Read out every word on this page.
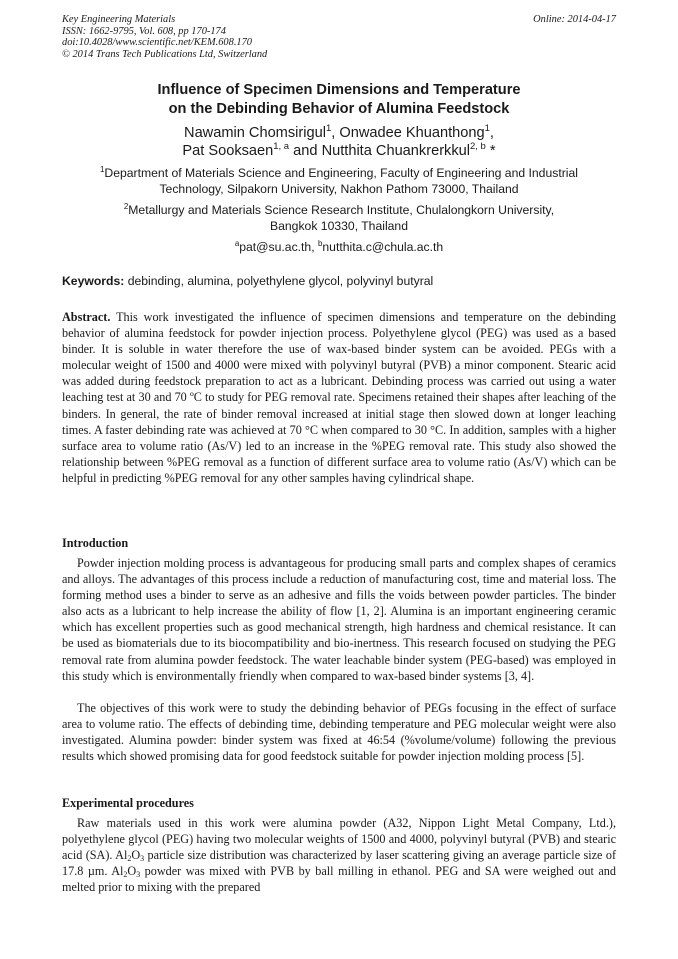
Key Engineering Materials
ISSN: 1662-9795, Vol. 608, pp 170-174
doi:10.4028/www.scientific.net/KEM.608.170
© 2014 Trans Tech Publications Ltd, Switzerland
Online: 2014-04-17
Influence of Specimen Dimensions and Temperature
on the Debinding Behavior of Alumina Feedstock
Nawamin Chomsirigul$^1$, Onwadee Khuanthong$^1$,
Pat Sooksaen$^{1, a}$ and Nutthita Chuankrerkkul$^{2, b}$ *
$^1$Department of Materials Science and Engineering, Faculty of Engineering and Industrial
Technology, Silpakorn University, Nakhon Pathom 73000, Thailand
$^2$Metallurgy and Materials Science Research Institute, Chulalongkorn University,
Bangkok 10330, Thailand
$^a$pat@su.ac.th, $^b$nutthita.c@chula.ac.th
Keywords: debinding, alumina, polyethylene glycol, polyvinyl butyral
Abstract. This work investigated the influence of specimen dimensions and temperature on the debinding behavior of alumina feedstock for powder injection process. Polyethylene glycol (PEG) was used as a based binder. It is soluble in water therefore the use of wax-based binder system can be avoided. PEGs with a molecular weight of 1500 and 4000 were mixed with polyvinyl butyral (PVB) a minor component. Stearic acid was added during feedstock preparation to act as a lubricant. Debinding process was carried out using a water leaching test at 30 and 70 ºC to study for PEG removal rate. Specimens retained their shapes after leaching of the binders. In general, the rate of binder removal increased at initial stage then slowed down at longer leaching times. A faster debinding rate was achieved at 70 °C when compared to 30 °C. In addition, samples with a higher surface area to volume ratio (As/V) led to an increase in the %PEG removal rate. This study also showed the relationship between %PEG removal as a function of different surface area to volume ratio (As/V) which can be helpful in predicting %PEG removal for any other samples having cylindrical shape.
Introduction
Powder injection molding process is advantageous for producing small parts and complex shapes of ceramics and alloys. The advantages of this process include a reduction of manufacturing cost, time and material loss. The forming method uses a binder to serve as an adhesive and fills the voids between powder particles. The binder also acts as a lubricant to help increase the ability of flow [1, 2]. Alumina is an important engineering ceramic which has excellent properties such as good mechanical strength, high hardness and chemical resistance. It can be used as biomaterials due to its biocompatibility and bio-inertness. This research focused on studying the PEG removal rate from alumina powder feedstock. The water leachable binder system (PEG-based) was employed in this study which is environmentally friendly when compared to wax-based binder systems [3, 4].
The objectives of this work were to study the debinding behavior of PEGs focusing in the effect of surface area to volume ratio. The effects of debinding time, debinding temperature and PEG molecular weight were also investigated. Alumina powder: binder system was fixed at 46:54 (%volume/volume) following the previous results which showed promising data for good feedstock suitable for powder injection molding process [5].
Experimental procedures
Raw materials used in this work were alumina powder (A32, Nippon Light Metal Company, Ltd.), polyethylene glycol (PEG) having two molecular weights of 1500 and 4000, polyvinyl butyral (PVB) and stearic acid (SA). $Al_2O_3$ particle size distribution was characterized by laser scattering giving an average particle size of 17.8 µm. $Al_2O_3$ powder was mixed with PVB by ball milling in ethanol. PEG and SA were weighed out and melted prior to mixing with the prepared
